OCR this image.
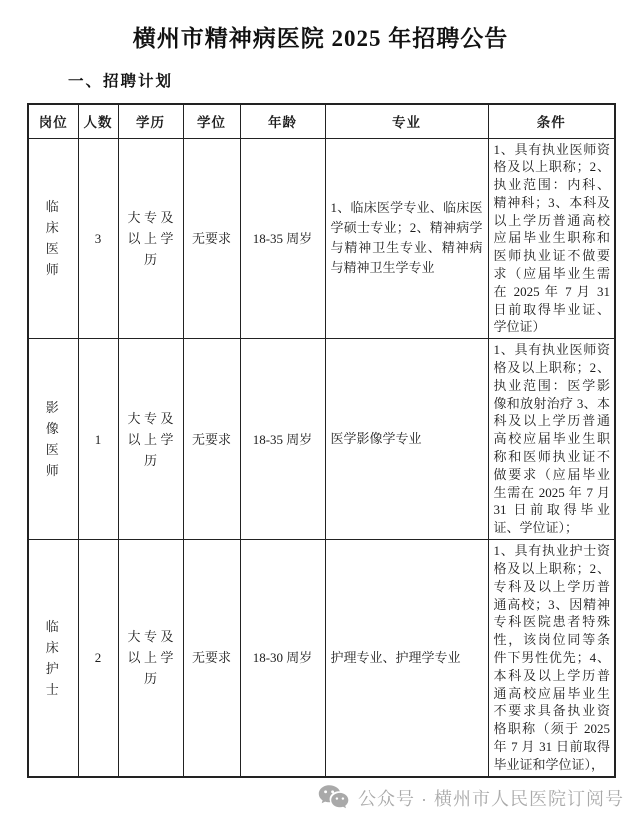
横州市精神病医院 2025 年招聘公告
一、招聘计划
岗位	人数	学历	学位	年龄	专业	条件
临床医师	3	大专及以上学历	无要求	18-35 周岁	1、临床医学专业、临床医学硕士专业；2、精神病学与精神卫生专业、精神病与精神卫生学专业	1、具有执业医师资格及以上职称；2、执业范围：内科、精神科；3、本科及以上学历普通高校应届毕业生职称和医师执业证不做要求（应届毕业生需在 2025 年 7 月 31 日前取得毕业证、学位证）
影像医师	1	大专及以上学历	无要求	18-35 周岁	医学影像学专业	1、具有执业医师资格及以上职称；2、执业范围：医学影像和放射治疗 3、本科及以上学历普通高校应届毕业生职称和医师执业证不做要求（应届毕业生需在 2025 年 7 月 31 日前取得毕业证、学位证）；
临床护士	2	大专及以上学历	无要求	18-30 周岁	护理专业、护理学专业	1、具有执业护士资格及以上职称；2、专科及以上学历普通高校；3、因精神专科医院患者特殊性，该岗位同等条件下男性优先；4、本科及以上学历普通高校应届毕业生不要求具备执业资格职称（须于 2025 年 7 月 31 日前取得毕业证和学位证），
公众号 · 横州市人民医院订阅号
